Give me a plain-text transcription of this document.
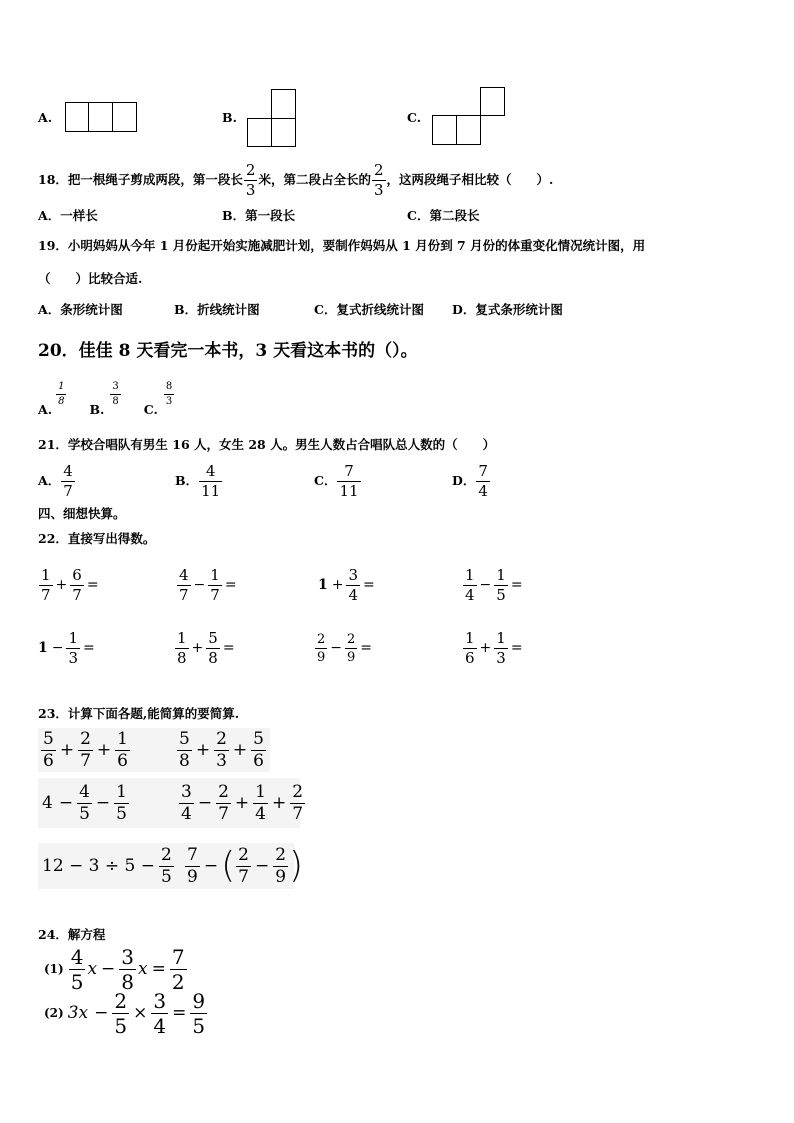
A.	B.	C.
18．把一根绳子剪成两段，第一段长 $\frac{2}{3}$ 米，第二段占全长的 $\frac{2}{3}$ ，这两段绳子相比较（　　）.
A．一样长	B．第一段长	C．第二段长
19．小明妈妈从今年 1 月份起开始实施减肥计划，要制作妈妈从 1 月份到 7 月份的体重变化情况统计图，用
（　　）比较合适.
A．条形统计图	B．折线统计图	C．复式折线统计图 D．复式条形统计图
20．佳佳 8 天看完一本书，3 天看这本书的（）。
A.
$\frac{1}{8}$
B.
$\frac{3}{8}$
C.
$\frac{8}{3}$
21．学校合唱队有男生 16 人，女生 28 人。男生人数占合唱队总人数的（　　）
A． $\frac{4}{7}$	B． $\frac{4}{11}$	C． $\frac{7}{11}$	D． $\frac{7}{4}$
四、细想快算。
22．直接写出得数。
$\frac{1}{7} + \frac{6}{7}$ =	$\frac{4}{7} - \frac{1}{7}$ =	$1 + \frac{3}{4}$ =	$\frac{1}{4} - \frac{1}{5}$ =
$1 - \frac{1}{3}$ =	$\frac{1}{8} + \frac{5}{8}$ =	$\frac{2}{9} - \frac{2}{9}$ =	$\frac{1}{6} + \frac{1}{3}$ =
23．计算下面各题,能简算的要简算.
$\frac{5}{6} + \frac{2}{7} + \frac{1}{6}$	$\frac{5}{8} + \frac{2}{3} + \frac{5}{6}$
$4 - \frac{4}{5} - \frac{1}{5}$	$\frac{3}{4} - \frac{2}{7} + \frac{1}{4} + \frac{2}{7}$
$12 - 3 \div 5 - \frac{2}{5} \frac{7}{9}$ − ( $\frac{2}{7} - \frac{2}{9}$ )
24．解方程
$(1) \frac{4}{5}$ $x - \frac{3}{8}$ $x = \frac{7}{2}$
(2) $3x - \frac{2}{5} \times \frac{3}{4} = \frac{9}{5}$
